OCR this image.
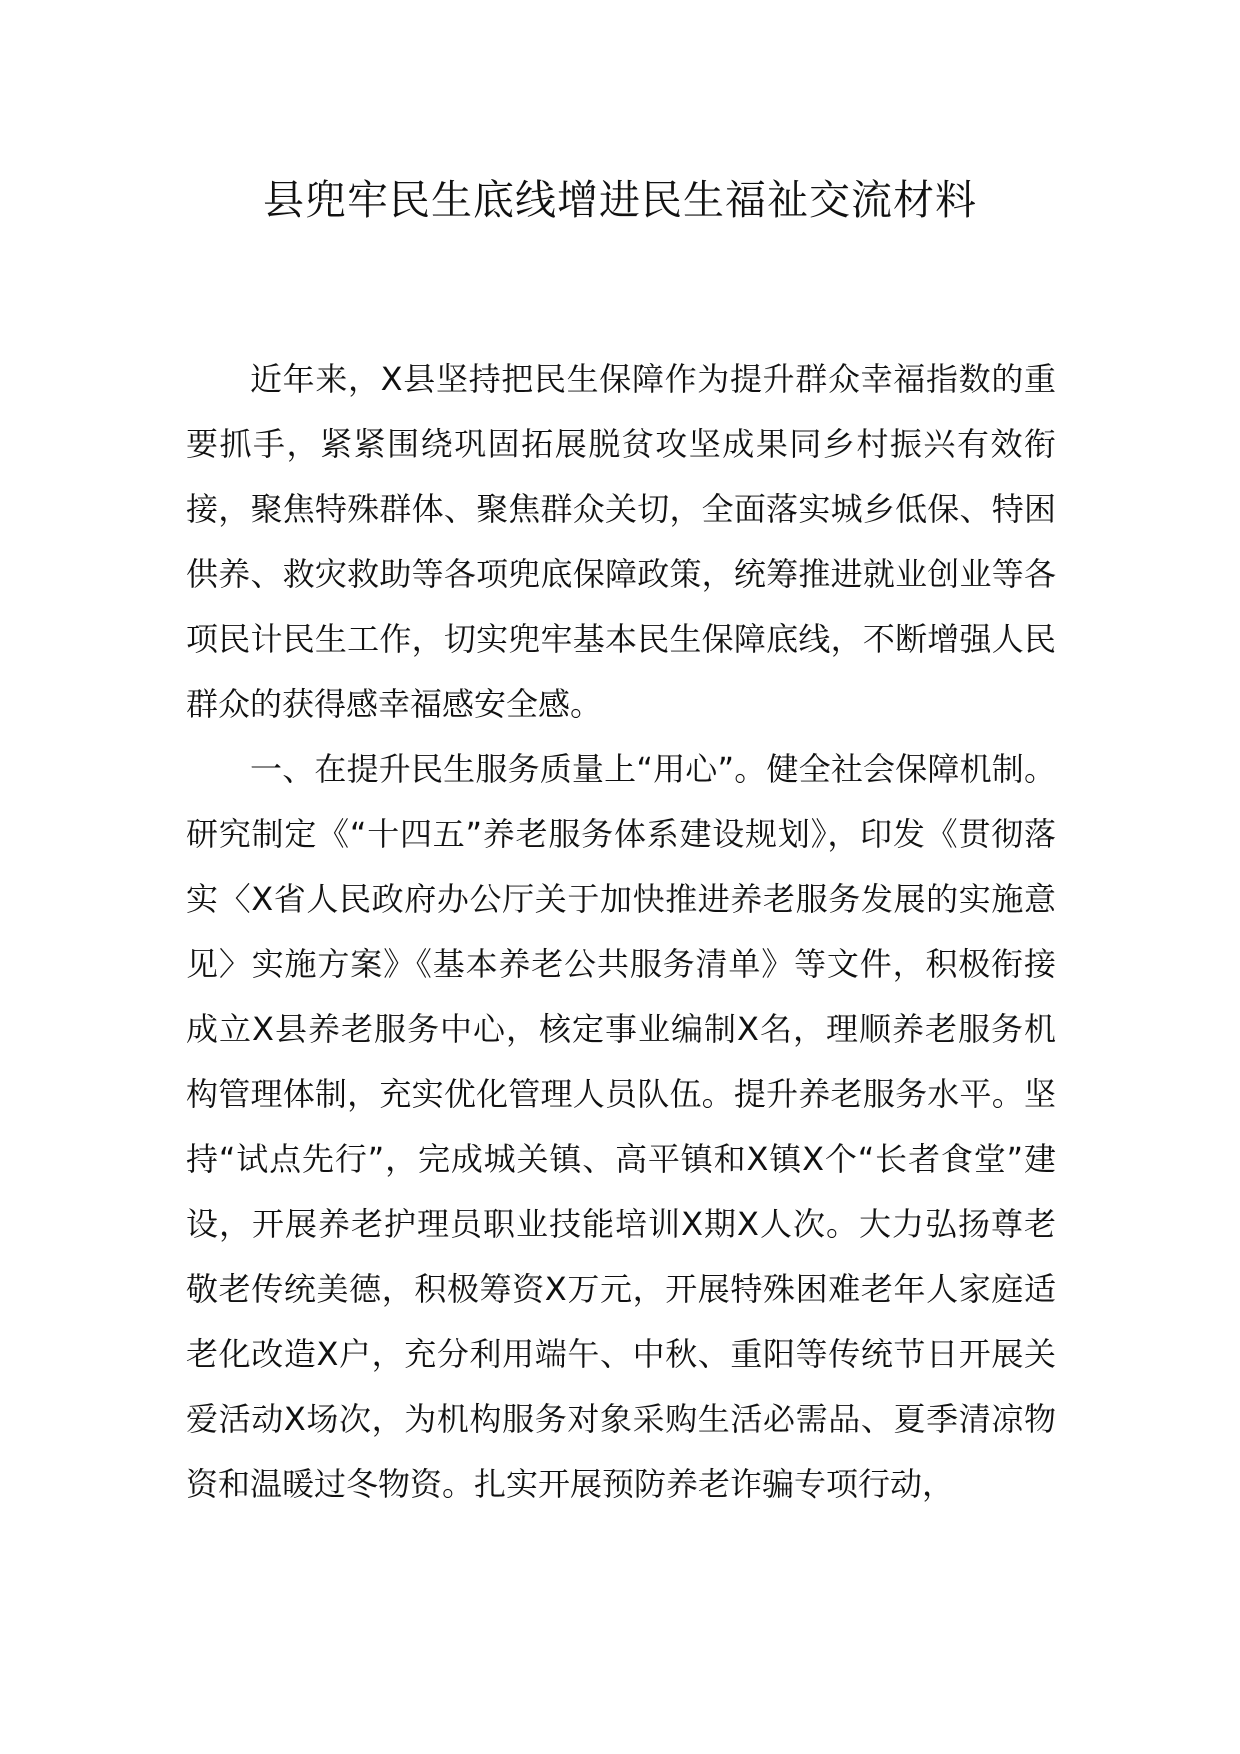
县兜牢民生底线增进民生福祉交流材料

近年来，X县坚持把民生保障作为提升群众幸福指数的重要抓手，紧紧围绕巩固拓展脱贫攻坚成果同乡村振兴有效衔接，聚焦特殊群体、聚焦群众关切，全面落实城乡低保、特困供养、救灾救助等各项兜底保障政策，统筹推进就业创业等各项民计民生工作，切实兜牢基本民生保障底线，不断增强人民群众的获得感幸福感安全感。

一、在提升民生服务质量上“用心”。健全社会保障机制。研究制定《“十四五”养老服务体系建设规划》，印发《贯彻落实〈X省人民政府办公厅关于加快推进养老服务发展的实施意见〉实施方案》《基本养老公共服务清单》等文件，积极衔接成立X县养老服务中心，核定事业编制X名，理顺养老服务机构管理体制，充实优化管理人员队伍。提升养老服务水平。坚持“试点先行”，完成城关镇、高平镇和X镇X个“长者食堂”建设，开展养老护理员职业技能培训X期X人次。大力弘扬尊老敬老传统美德，积极筹资X万元，开展特殊困难老年人家庭适老化改造X户，充分利用端午、中秋、重阳等传统节日开展关爱活动X场次，为机构服务对象采购生活必需品、夏季清凉物资和温暖过冬物资。扎实开展预防养老诈骗专项行动，
